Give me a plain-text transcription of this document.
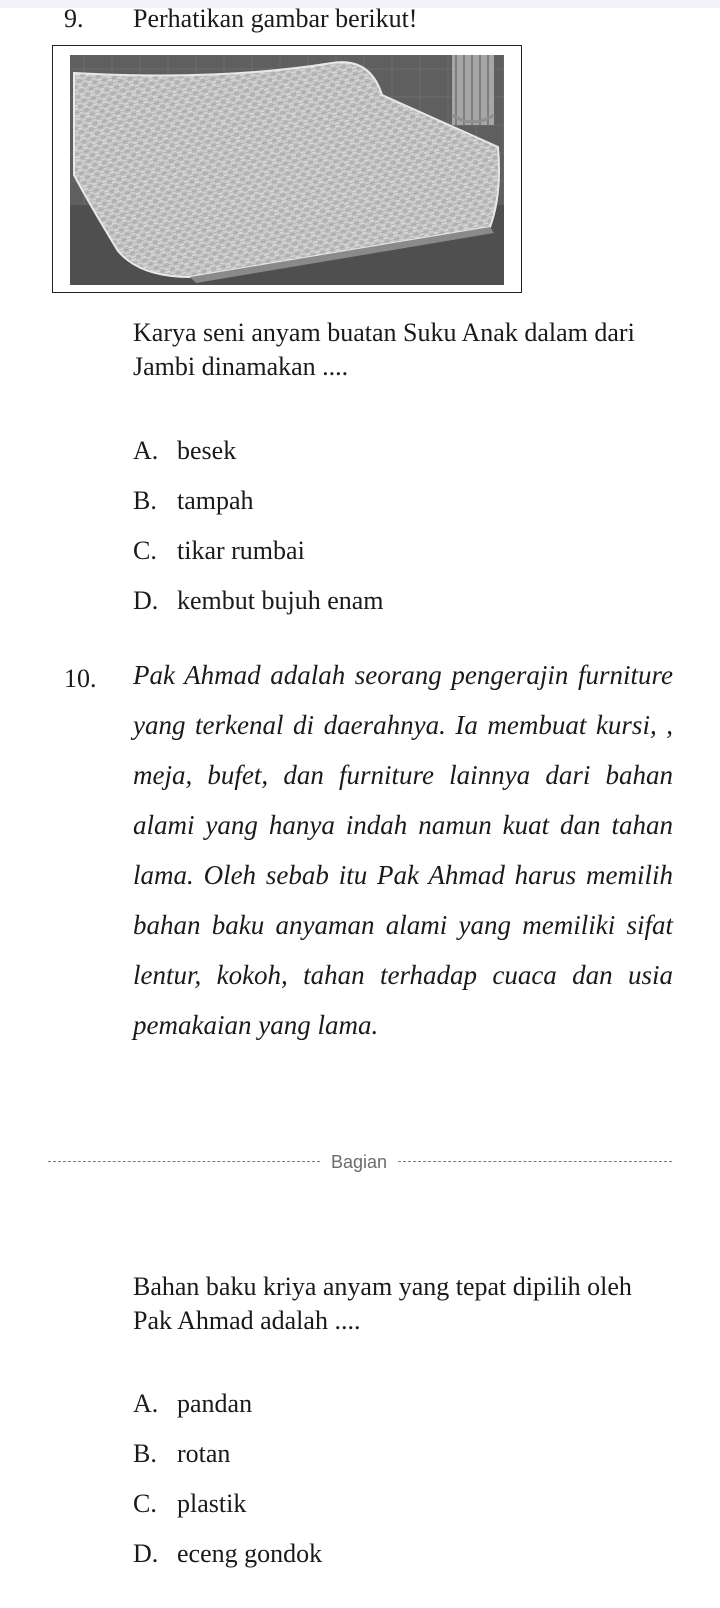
9. Perhatikan gambar berikut!
Karya seni anyam buatan Suku Anak dalam dari Jambi dinamakan ....
A. besek
B. tampah
C. tikar rumbai
D. kembut bujuh enam
10. Pak Ahmad adalah seorang pengerajin furniture yang terkenal di daerahnya. Ia membuat kursi, , meja, bufet, dan furniture lainnya dari bahan alami yang hanya indah namun kuat dan tahan lama. Oleh sebab itu Pak Ahmad harus memilih bahan baku anyaman alami yang memiliki sifat lentur, kokoh, tahan terhadap cuaca dan usia pemakaian yang lama.
Bagian
Bahan baku kriya anyam yang tepat dipilih oleh Pak Ahmad adalah ....
A. pandan
B. rotan
C. plastik
D. eceng gondok
